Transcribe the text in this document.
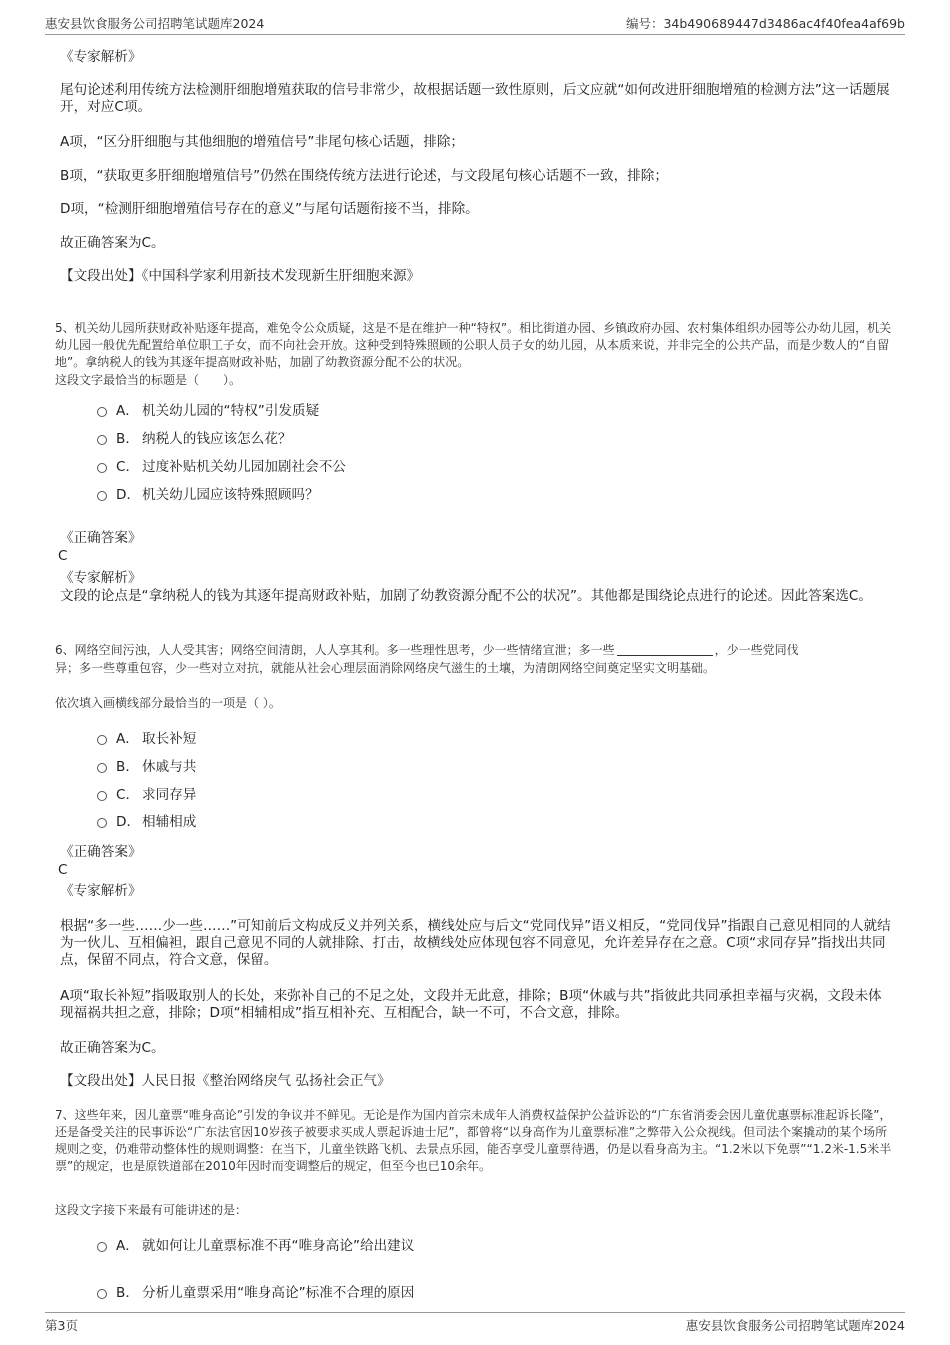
惠安县饮食服务公司招聘笔试题库2024	编号：34b490689447d3486ac4f40fea4af69b
《专家解析》
尾句论述利用传统方法检测肝细胞增殖获取的信号非常少，故根据话题一致性原则，后文应就“如何改进肝细胞增殖的检测方法”这一话题展开，对应C项。
A项，“区分肝细胞与其他细胞的增殖信号”非尾句核心话题，排除；
B项，“获取更多肝细胞增殖信号”仍然在围绕传统方法进行论述，与文段尾句核心话题不一致，排除；
D项，“检测肝细胞增殖信号存在的意义”与尾句话题衔接不当，排除。
故正确答案为C。
【文段出处】《中国科学家利用新技术发现新生肝细胞来源》
5、机关幼儿园所获财政补贴逐年提高，难免令公众质疑，这是不是在维护一种“特权”。相比街道办园、乡镇政府办园、农村集体组织办园等公办幼儿园，机关幼儿园一般优先配置给单位职工子女，而不向社会开放。这种受到特殊照顾的公职人员子女的幼儿园，从本质来说，并非完全的公共产品，而是少数人的“自留地”。拿纳税人的钱为其逐年提高财政补贴，加剧了幼教资源分配不公的状况。
这段文字最恰当的标题是（　　）。
A． 机关幼儿园的“特权”引发质疑
B． 纳税人的钱应该怎么花？
C． 过度补贴机关幼儿园加剧社会不公
D． 机关幼儿园应该特殊照顾吗？
《正确答案》
C
《专家解析》
文段的论点是“拿纳税人的钱为其逐年提高财政补贴，加剧了幼教资源分配不公的状况”。其他都是围绕论点进行的论述。因此答案选C。
6、网络空间污浊，人人受其害；网络空间清朗，人人享其利。多一些理性思考，少一些情绪宣泄；多一些	，少一些党同伐
异；多一些尊重包容，少一些对立对抗，就能从社会心理层面消除网络戾气滋生的土壤，为清朗网络空间奠定坚实文明基础。
依次填入画横线部分最恰当的一项是（ ）。
A． 取长补短
B． 休戚与共
C． 求同存异
D． 相辅相成
《正确答案》
C
《专家解析》
根据“多一些……少一些……”可知前后文构成反义并列关系，横线处应与后文“党同伐异”语义相反，“党同伐异”指跟自己意见相同的人就结为一伙儿、互相偏袒，跟自己意见不同的人就排除、打击，故横线处应体现包容不同意见，允许差异存在之意。C项“求同存异”指找出共同点，保留不同点，符合文意，保留。
A项“取长补短”指吸取别人的长处，来弥补自己的不足之处，文段并无此意，排除；B项“休戚与共”指彼此共同承担幸福与灾祸，文段未体现福祸共担之意，排除；D项“相辅相成”指互相补充、互相配合，缺一不可，不合文意，排除。
故正确答案为C。
【文段出处】人民日报《整治网络戾气 弘扬社会正气》
7、这些年来，因儿童票“唯身高论”引发的争议并不鲜见。无论是作为国内首宗未成年人消费权益保护公益诉讼的“广东省消委会因儿童优惠票标准起诉长隆”，还是备受关注的民事诉讼“广东法官因10岁孩子被要求买成人票起诉迪士尼”，都曾将“以身高作为儿童票标准”之弊带入公众视线。但司法个案撬动的某个场所规则之变，仍难带动整体性的规则调整：在当下，儿童坐铁路飞机、去景点乐园，能否享受儿童票待遇，仍是以看身高为主。“1.2米以下免票”“1.2米-1.5米半票”的规定，也是原铁道部在2010年因时而变调整后的规定，但至今也已10余年。
这段文字接下来最有可能讲述的是：
A． 就如何让儿童票标准不再“唯身高论”给出建议
B． 分析儿童票采用“唯身高论”标准不合理的原因
第3页	惠安县饮食服务公司招聘笔试题库2024
